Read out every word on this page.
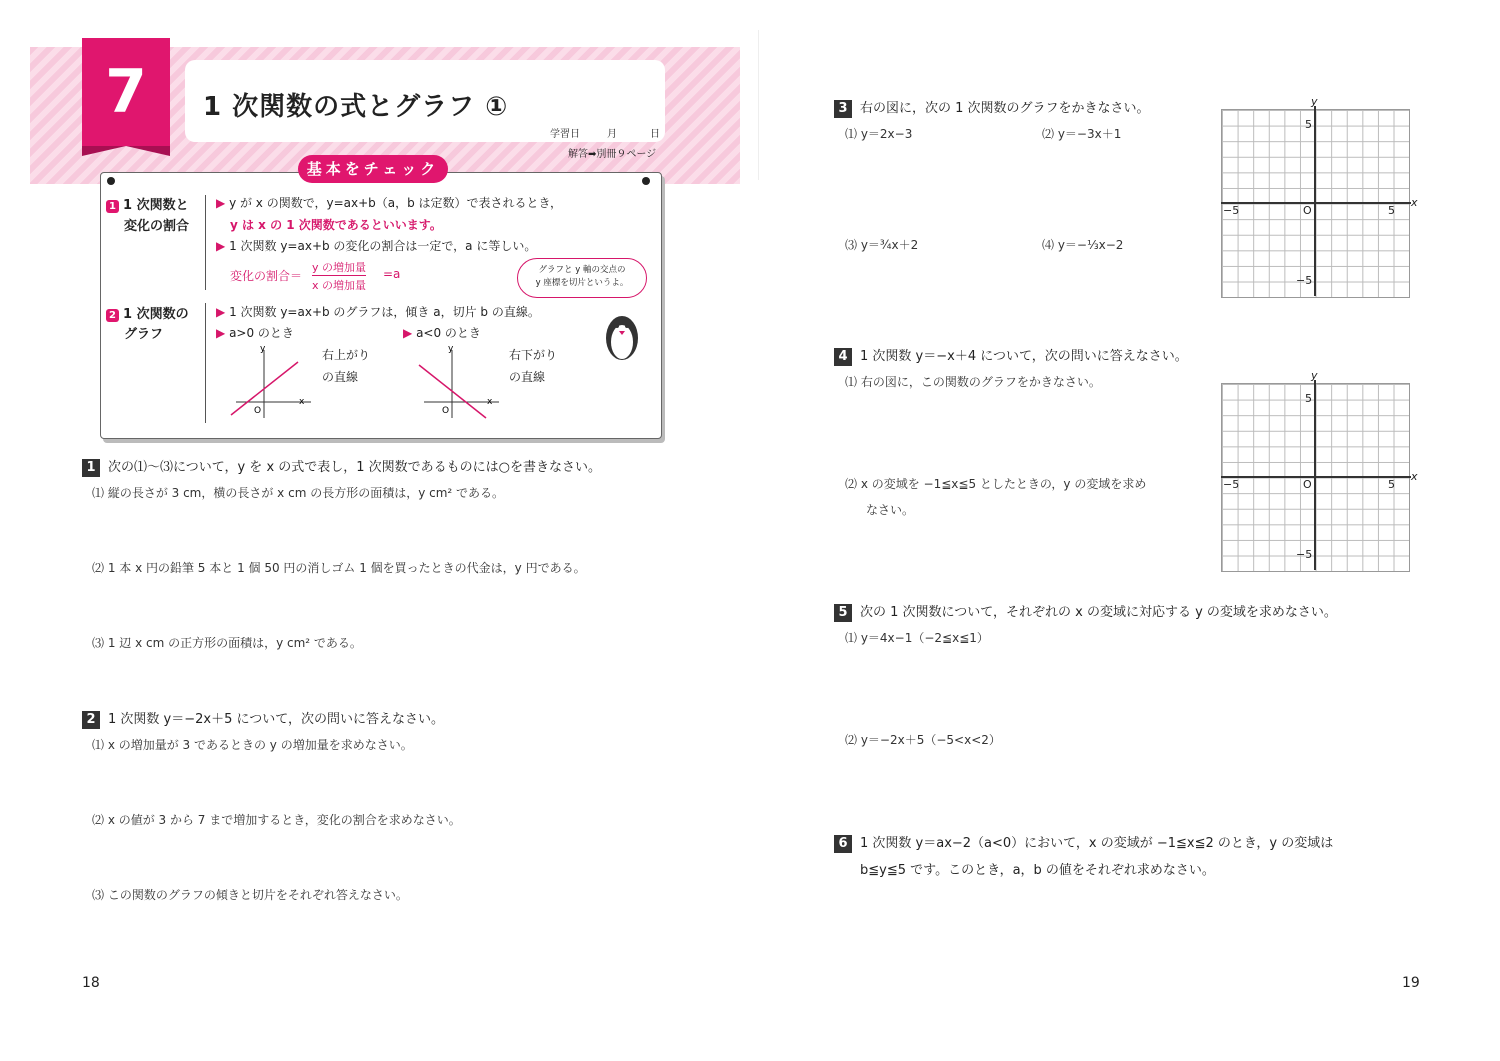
7	1 次関数の式とグラフ ①
学習日	月	日
解答➡別冊９ページ
基本をチェック
1 1 次関数と
変化の割合
▶ y が x の関数で，y=ax+b（a，b は定数）で表されるとき，
y は x の 1 次関数であるといいます。
▶ 1 次関数 y=ax+b の変化の割合は一定で，a に等しい。
変化の割合＝
y の増加量
x の増加量
=a	グラフと y 軸の交点の
y 座標を切片というよ。
2 1 次関数の
グラフ
▶ 1 次関数 y=ax+b のグラフは，傾き a，切片 b の直線。
▶ a>0 のとき	▶ a<0 のとき
右上がり
の直線
右下がり
の直線
y
x
O
y
x
O
1 次の⑴〜⑶について，y を x の式で表し，1 次関数であるものには○を書きなさい。
⑴ 縦の長さが 3 cm，横の長さが x cm の長方形の面積は，y cm² である。
⑵ 1 本 x 円の鉛筆 5 本と 1 個 50 円の消しゴム 1 個を買ったときの代金は，y 円である。
⑶ 1 辺 x cm の正方形の面積は，y cm² である。
2 1 次関数 y＝−2x＋5 について，次の問いに答えなさい。
⑴ x の増加量が 3 であるときの y の増加量を求めなさい。
⑵ x の値が 3 から 7 まで増加するとき，変化の割合を求めなさい。
⑶ この関数のグラフの傾きと切片をそれぞれ答えなさい。
3 右の図に，次の 1 次関数のグラフをかきなさい。
⑴ y＝2x−3	⑵ y＝−3x＋1
⑶ y＝¾x＋2	⑷ y＝−⅓x−2
y
x
O
5
5
−5
−5
4 1 次関数 y＝−x＋4 について，次の問いに答えなさい。
⑴ 右の図に，この関数のグラフをかきなさい。
⑵ x の変域を −1≦x≦5 としたときの，y の変域を求め
なさい。
y
x
O
5
5
−5
−5
5 次の 1 次関数について，それぞれの x の変域に対応する y の変域を求めなさい。
⑴ y＝4x−1（−2≦x≦1）
⑵ y＝−2x＋5（−5<x<2）
6 1 次関数 y＝ax−2（a<0）において，x の変域が −1≦x≦2 のとき，y の変域は
b≦y≦5 です。このとき，a，b の値をそれぞれ求めなさい。
18	19
